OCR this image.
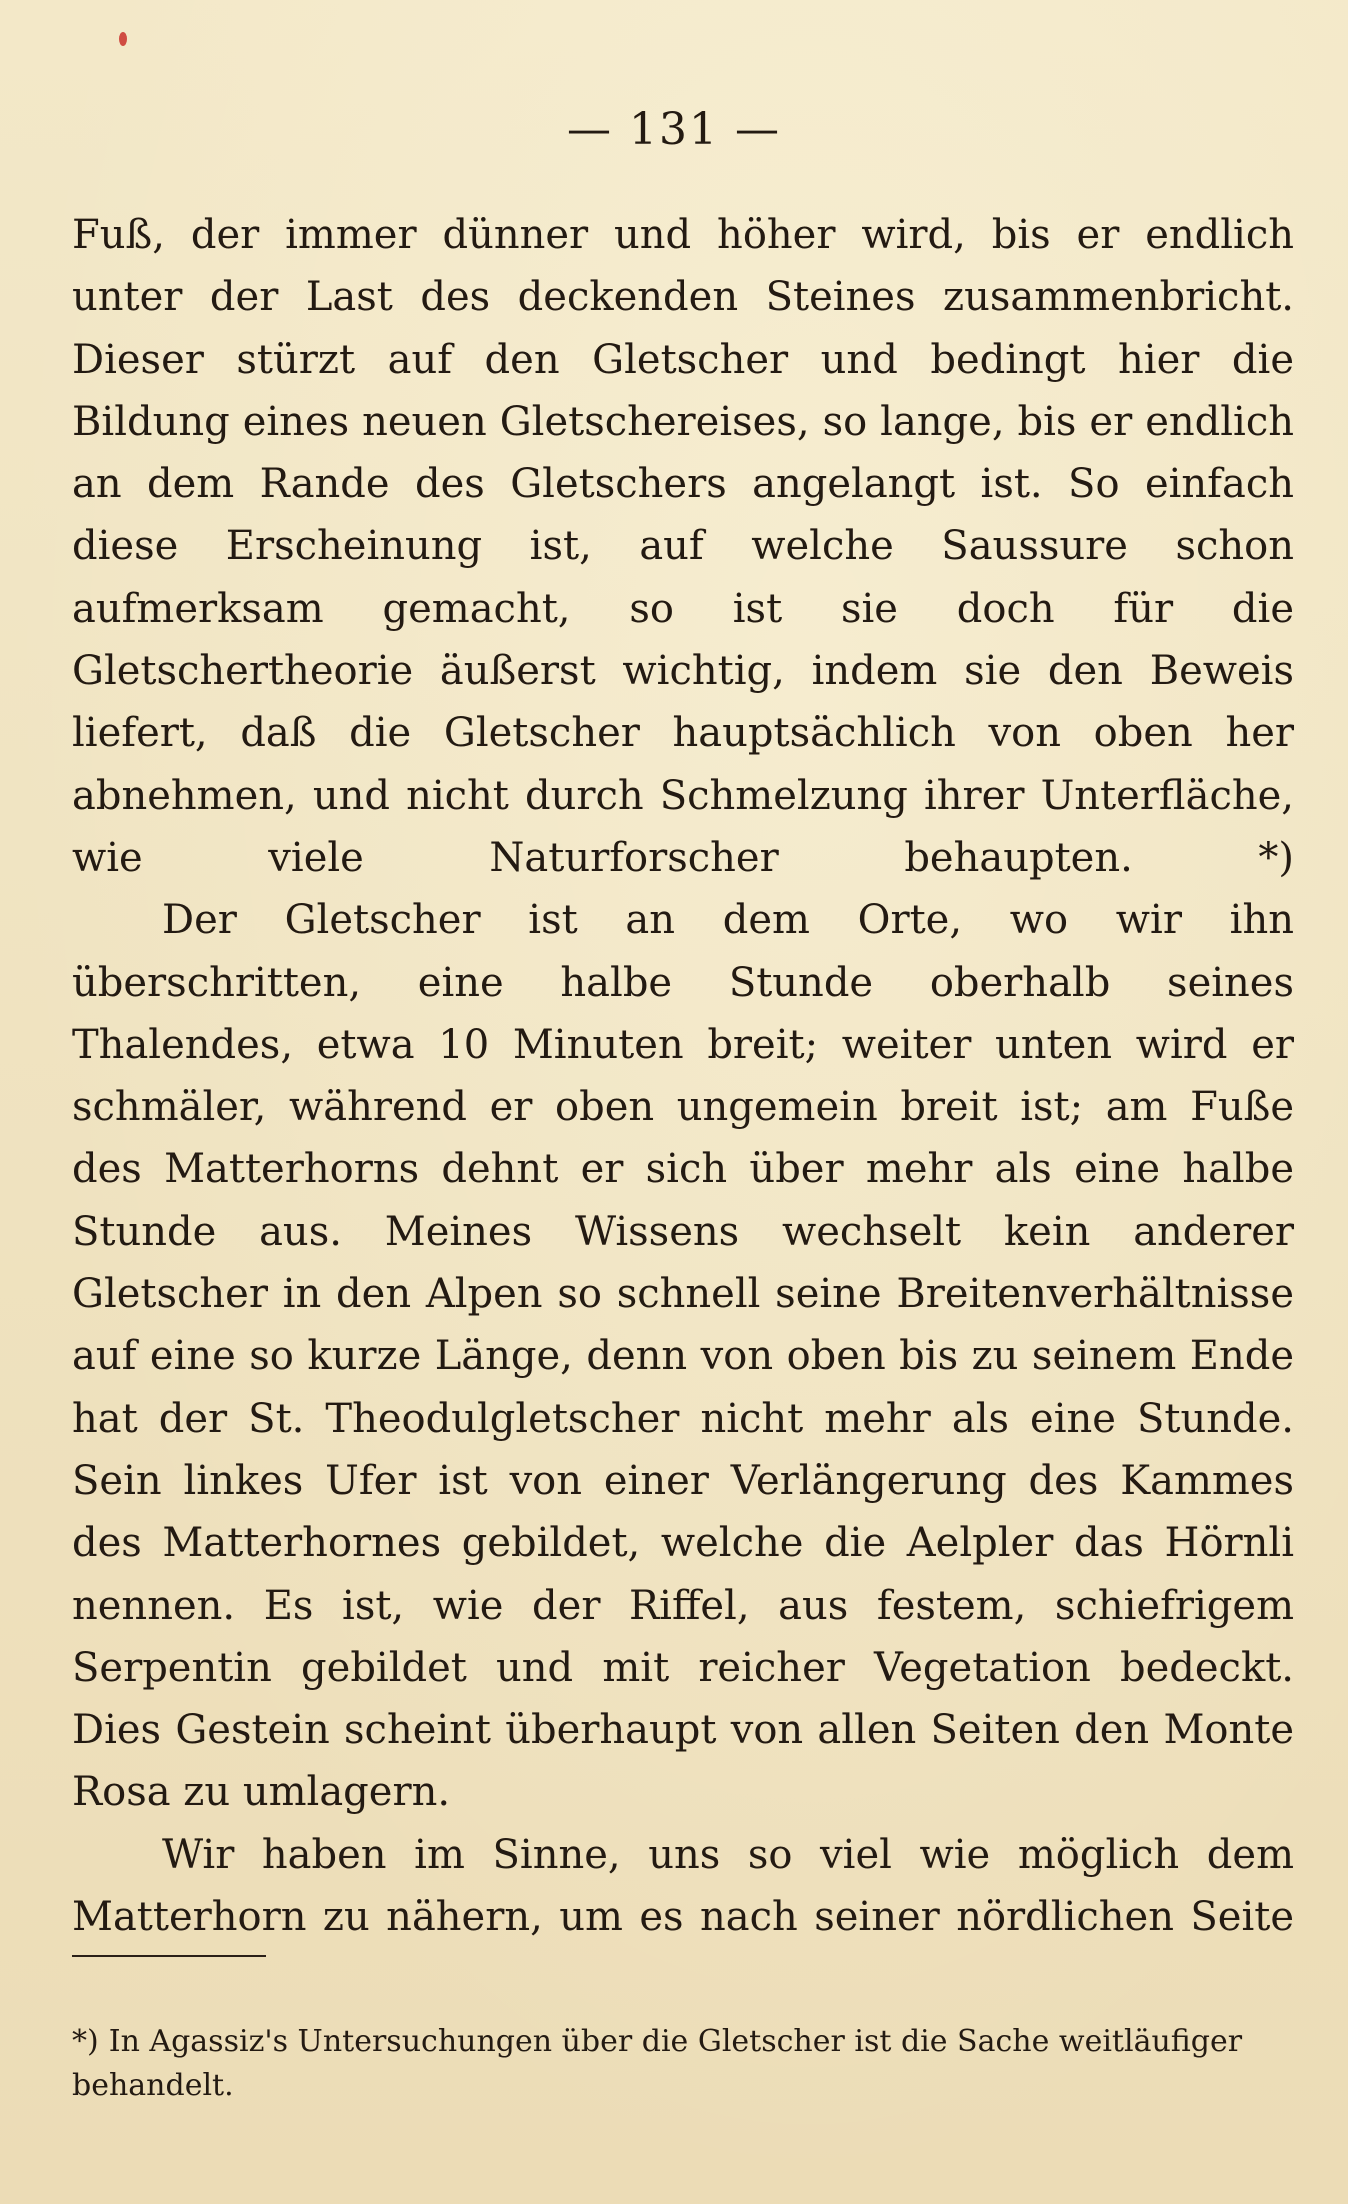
— 131 —

Fuß, der immer dünner und höher wird, bis er endlich unter der Last des deckenden Steines zusammenbricht. Dieser stürzt auf den Gletscher und bedingt hier die Bildung eines neuen Gletschereises, so lange, bis er endlich an dem Rande des Gletschers angelangt ist. So einfach diese Erscheinung ist, auf welche Saussure schon aufmerksam gemacht, so ist sie doch für die Gletschertheorie äußerst wichtig, indem sie den Beweis liefert, daß die Gletscher hauptsächlich von oben her abnehmen, und nicht durch Schmelzung ihrer Unterfläche, wie viele Naturforscher behaupten. *)

Der Gletscher ist an dem Orte, wo wir ihn überschritten, eine halbe Stunde oberhalb seines Thalendes, etwa 10 Minuten breit; weiter unten wird er schmäler, während er oben ungemein breit ist; am Fuße des Matterhorns dehnt er sich über mehr als eine halbe Stunde aus. Meines Wissens wechselt kein anderer Gletscher in den Alpen so schnell seine Breitenverhältnisse auf eine so kurze Länge, denn von oben bis zu seinem Ende hat der St. Theodulgletscher nicht mehr als eine Stunde. Sein linkes Ufer ist von einer Verlängerung des Kammes des Matterhornes gebildet, welche die Aelpler das Hörnli nennen. Es ist, wie der Riffel, aus festem, schiefrigem Serpentin gebildet und mit reicher Vegetation bedeckt. Dies Gestein scheint überhaupt von allen Seiten den Monte Rosa zu umlagern.

Wir haben im Sinne, uns so viel wie möglich dem Matterhorn zu nähern, um es nach seiner nördlichen Seite

*) In Agassiz's Untersuchungen über die Gletscher ist die Sache weitläufiger behandelt.
